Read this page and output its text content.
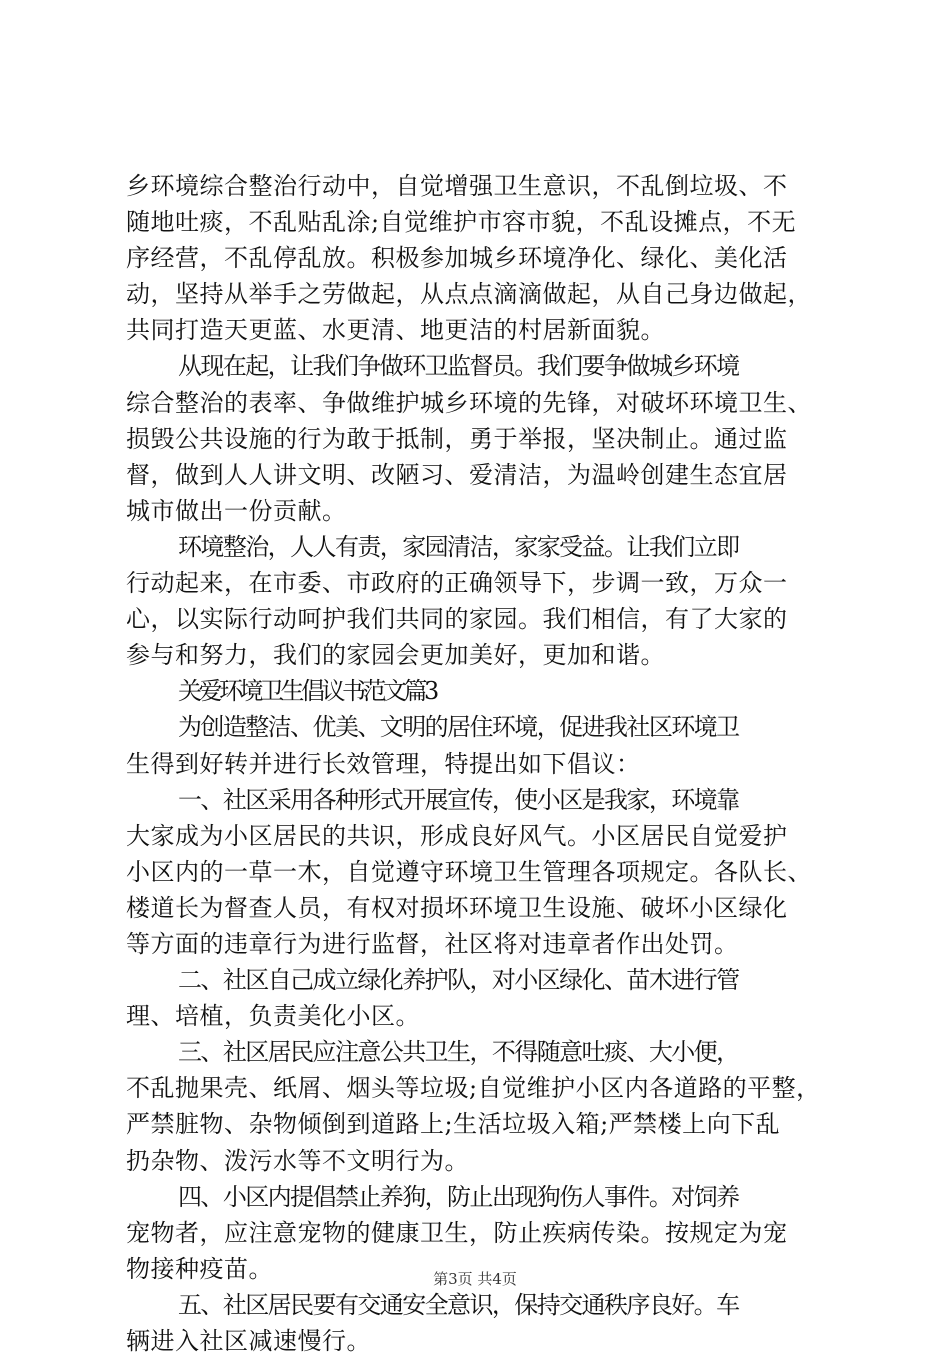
乡环境综合整治行动中，自觉增强卫生意识，不乱倒垃圾、不
随地吐痰，不乱贴乱涂;自觉维护市容市貌，不乱设摊点，不无
序经营，不乱停乱放。积极参加城乡环境净化、绿化、美化活
动，坚持从举手之劳做起，从点点滴滴做起，从自己身边做起，
共同打造天更蓝、水更清、地更洁的村居新面貌。
从现在起，让我们争做环卫监督员。我们要争做城乡环境
综合整治的表率、争做维护城乡环境的先锋，对破坏环境卫生、
损毁公共设施的行为敢于抵制，勇于举报，坚决制止。通过监
督，做到人人讲文明、改陋习、爱清洁，为温岭创建生态宜居
城市做出一份贡献。
环境整治，人人有责，家园清洁，家家受益。让我们立即
行动起来，在市委、市政府的正确领导下，步调一致，万众一
心，以实际行动呵护我们共同的家园。我们相信，有了大家的
参与和努力，我们的家园会更加美好，更加和谐。
关爱环境卫生倡议书范文篇3
为创造整洁、优美、文明的居住环境，促进我社区环境卫
生得到好转并进行长效管理，特提出如下倡议：
一、社区采用各种形式开展宣传，使小区是我家，环境靠
大家成为小区居民的共识，形成良好风气。小区居民自觉爱护
小区内的一草一木，自觉遵守环境卫生管理各项规定。各队长、
楼道长为督查人员，有权对损坏环境卫生设施、破坏小区绿化
等方面的违章行为进行监督，社区将对违章者作出处罚。
二、社区自己成立绿化养护队，对小区绿化、苗木进行管
理、培植，负责美化小区。
三、社区居民应注意公共卫生，不得随意吐痰、大小便，
不乱抛果壳、纸屑、烟头等垃圾;自觉维护小区内各道路的平整，
严禁脏物、杂物倾倒到道路上;生活垃圾入箱;严禁楼上向下乱
扔杂物、泼污水等不文明行为。
四、小区内提倡禁止养狗，防止出现狗伤人事件。对饲养
宠物者，应注意宠物的健康卫生，防止疾病传染。按规定为宠
物接种疫苗。
五、社区居民要有交通安全意识，保持交通秩序良好。车
辆进入社区减速慢行。
第3页 共4页
